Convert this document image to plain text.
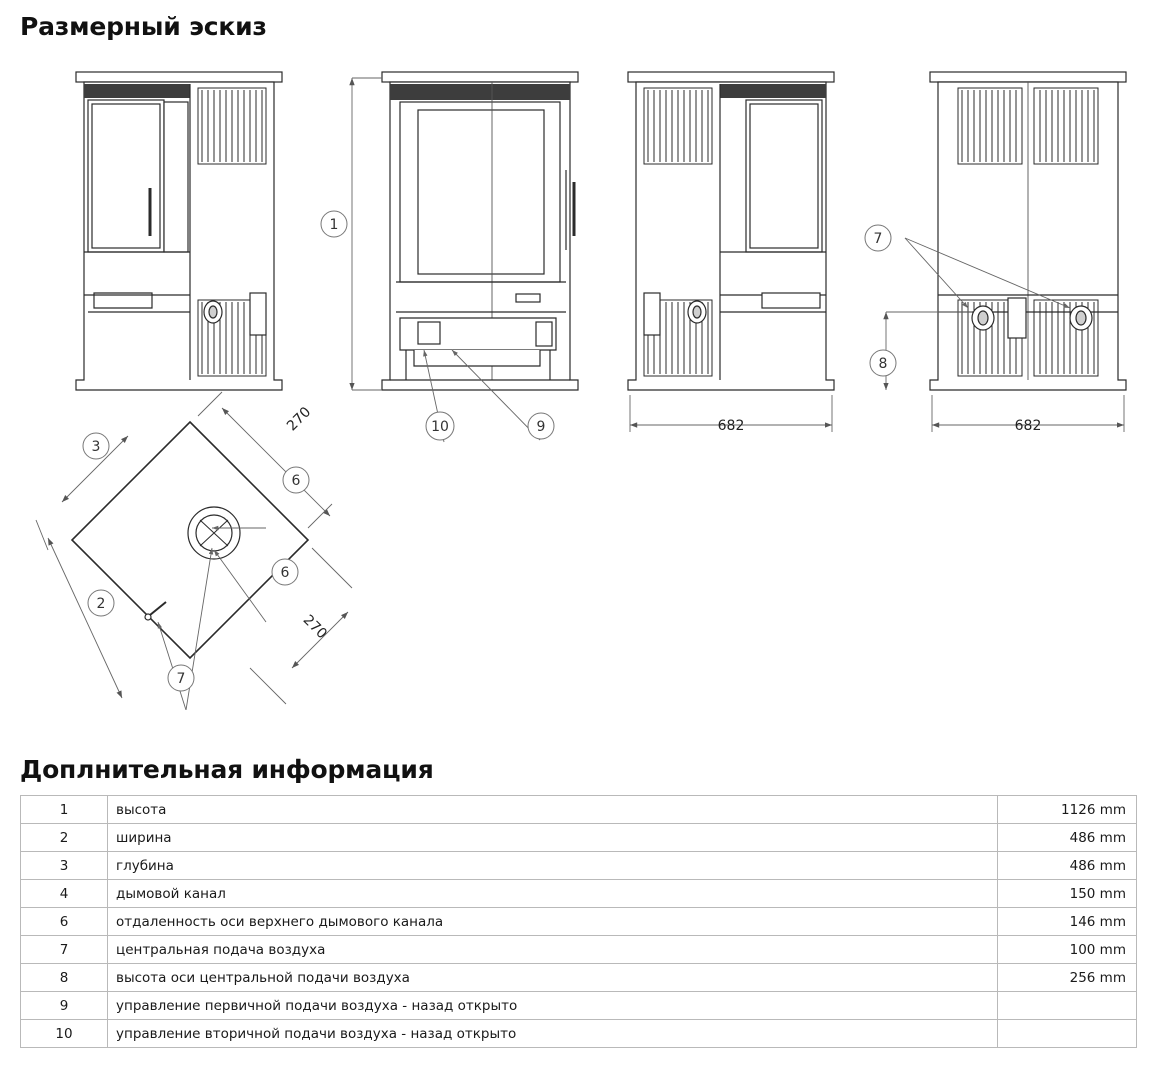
Размерный эскиз
1
10	9
7
8
3
2
6
6
7
682	682
270
270
Доплнительная информация
1	высота	1126 mm
2	ширина	486 mm
3	глубина	486 mm
4	дымовой канал	150 mm
6	отдаленность оси верхнего дымового канала	146 mm
7	центральная подача воздуха	100 mm
8	высота оси центральной подачи воздуха	256 mm
9	управление первичной подачи воздуха - назад открыто	
10	управление вторичной подачи воздуха - назад открыто	
